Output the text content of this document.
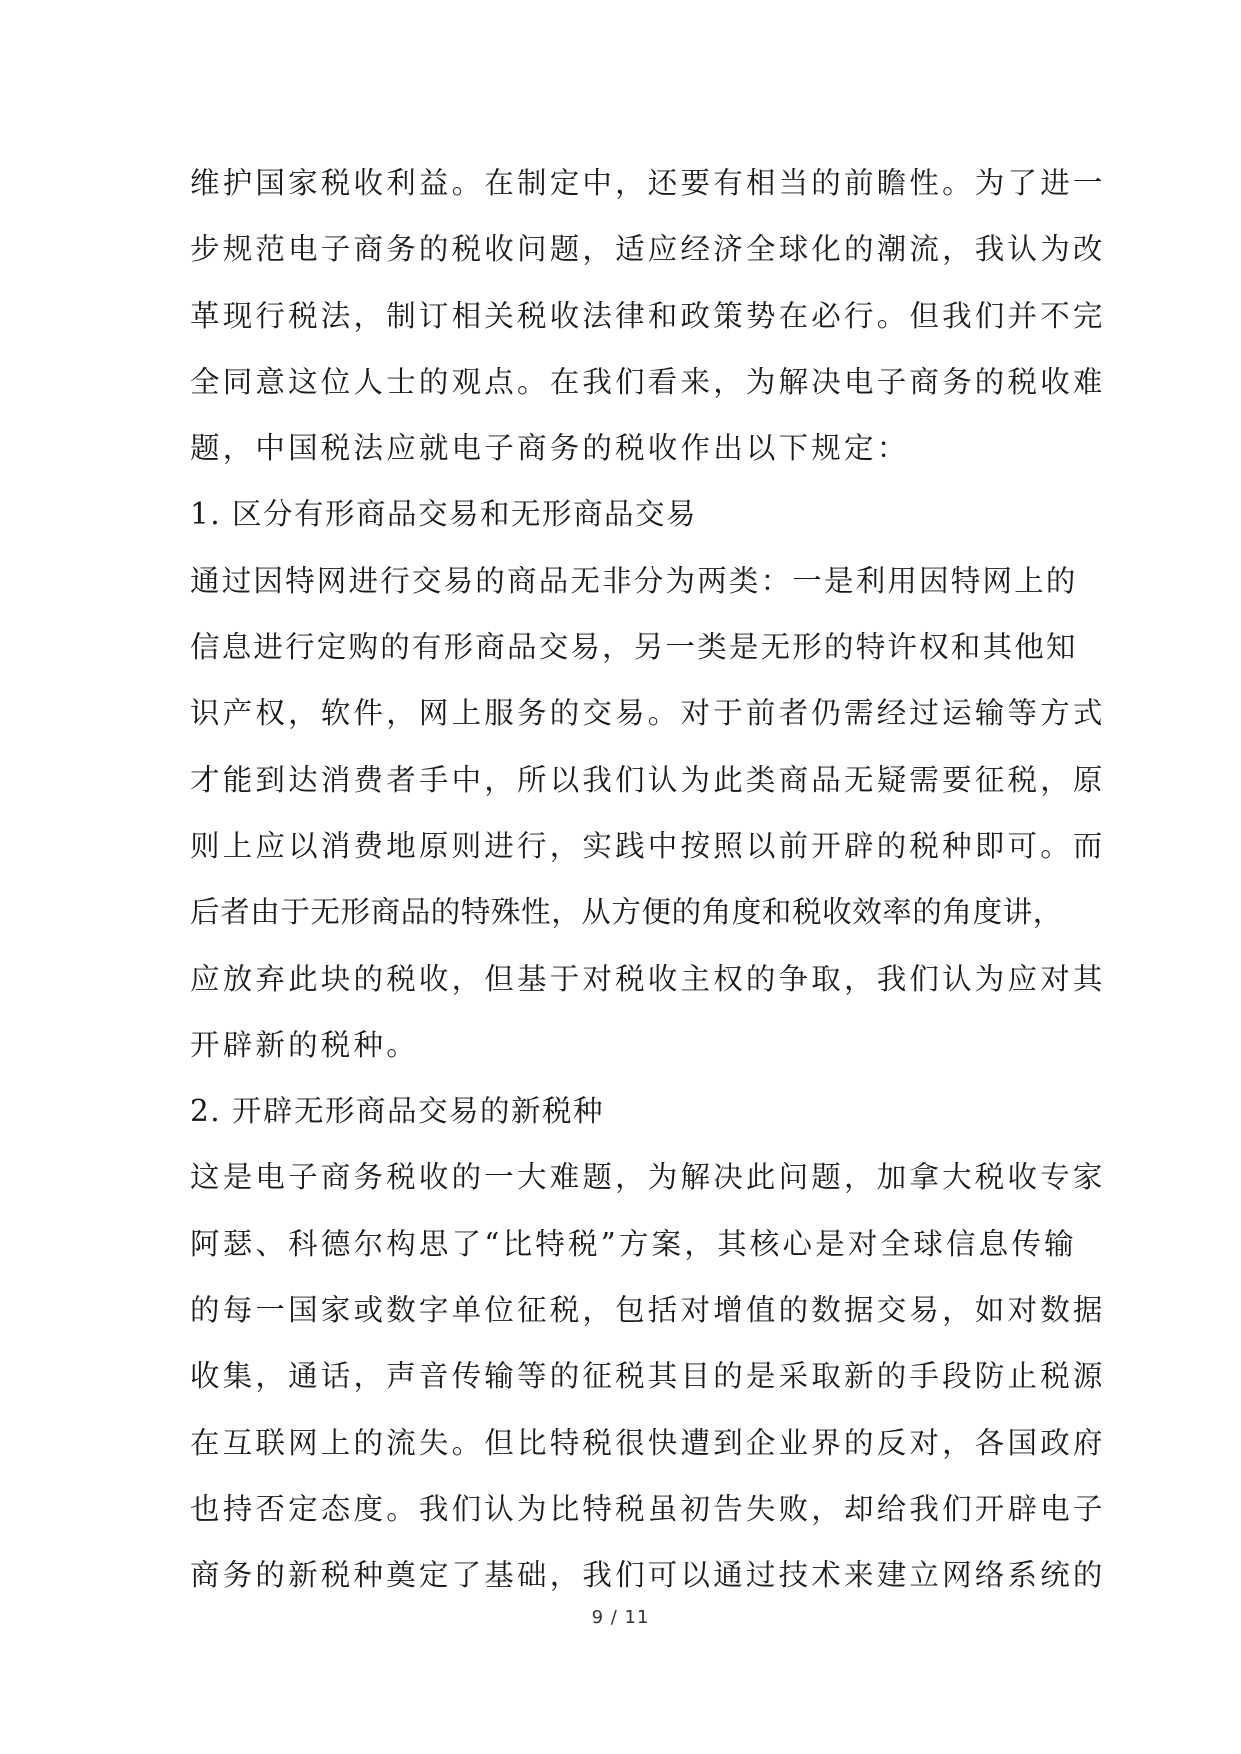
维护国家税收利益。在制定中，还要有相当的前瞻性。为了进一
步规范电子商务的税收问题，适应经济全球化的潮流，我认为改
革现行税法，制订相关税收法律和政策势在必行。但我们并不完
全同意这位人士的观点。在我们看来，为解决电子商务的税收难
题，中国税法应就电子商务的税收作出以下规定：
1. 区分有形商品交易和无形商品交易
通过因特网进行交易的商品无非分为两类：一是利用因特网上的
信息进行定购的有形商品交易，另一类是无形的特许权和其他知
识产权，软件，网上服务的交易。对于前者仍需经过运输等方式
才能到达消费者手中，所以我们认为此类商品无疑需要征税，原
则上应以消费地原则进行，实践中按照以前开辟的税种即可。而
后者由于无形商品的特殊性，从方便的角度和税收效率的角度讲，
应放弃此块的税收，但基于对税收主权的争取，我们认为应对其
开辟新的税种。
2. 开辟无形商品交易的新税种
这是电子商务税收的一大难题，为解决此问题，加拿大税收专家
阿瑟、科德尔构思了“比特税”方案，其核心是对全球信息传输
的每一国家或数字单位征税，包括对增值的数据交易，如对数据
收集，通话，声音传输等的征税其目的是采取新的手段防止税源
在互联网上的流失。但比特税很快遭到企业界的反对，各国政府
也持否定态度。我们认为比特税虽初告失败，却给我们开辟电子
商务的新税种奠定了基础，我们可以通过技术来建立网络系统的
9 / 11
